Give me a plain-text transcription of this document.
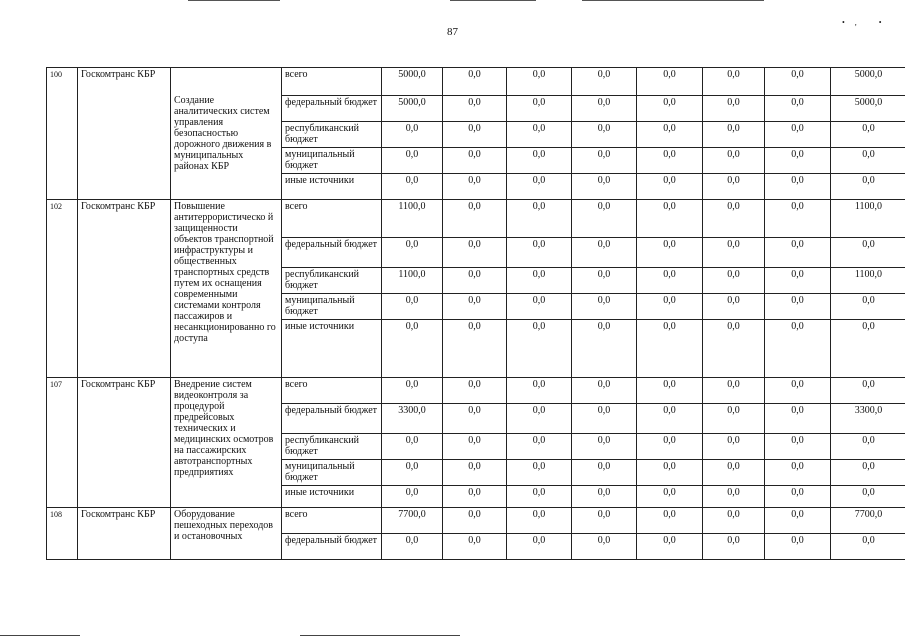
•, •
87
100	Госкомтранс КБР	Создание аналитических систем управления безопасностью дорожного движения в муниципальных районах КБР	всего	5000,0	0,0	0,0	0,0	0,0	0,0	0,0	5000,0
			федеральный бюджет	5000,0	0,0	0,0	0,0	0,0	0,0	0,0	5000,0
			республиканский бюджет	0,0	0,0	0,0	0,0	0,0	0,0	0,0	0,0
			муниципальный бюджет	0,0	0,0	0,0	0,0	0,0	0,0	0,0	0,0
			иные источники	0,0	0,0	0,0	0,0	0,0	0,0	0,0	0,0
102	Госкомтранс КБР	Повышение антитеррористическо й защищенности объектов транспортной инфраструктуры и общественных транспортных средств путем их оснащения современными системами контроля пассажиров и несанкционированно го доступа	всего	1100,0	0,0	0,0	0,0	0,0	0,0	0,0	1100,0
			федеральный бюджет	0,0	0,0	0,0	0,0	0,0	0,0	0,0	0,0
			республиканский бюджет	1100,0	0,0	0,0	0,0	0,0	0,0	0,0	1100,0
			муниципальный бюджет	0,0	0,0	0,0	0,0	0,0	0,0	0,0	0,0
			иные источники	0,0	0,0	0,0	0,0	0,0	0,0	0,0	0,0
107	Госкомтранс КБР	Внедрение систем видеоконтроля за процедурой предрейсовых технических и медицинских осмотров на пассажирских автотранспортных предприятиях	всего	0,0	0,0	0,0	0,0	0,0	0,0	0,0	0,0
			федеральный бюджет	3300,0	0,0	0,0	0,0	0,0	0,0	0,0	3300,0
			республиканский бюджет	0,0	0,0	0,0	0,0	0,0	0,0	0,0	0,0
			муниципальный бюджет	0,0	0,0	0,0	0,0	0,0	0,0	0,0	0,0
			иные источники	0,0	0,0	0,0	0,0	0,0	0,0	0,0	0,0
108	Госкомтранс КБР	Оборудование пешеходных переходов и остановочных	всего	7700,0	0,0	0,0	0,0	0,0	0,0	0,0	7700,0
			федеральный бюджет	0,0	0,0	0,0	0,0	0,0	0,0	0,0	0,0
